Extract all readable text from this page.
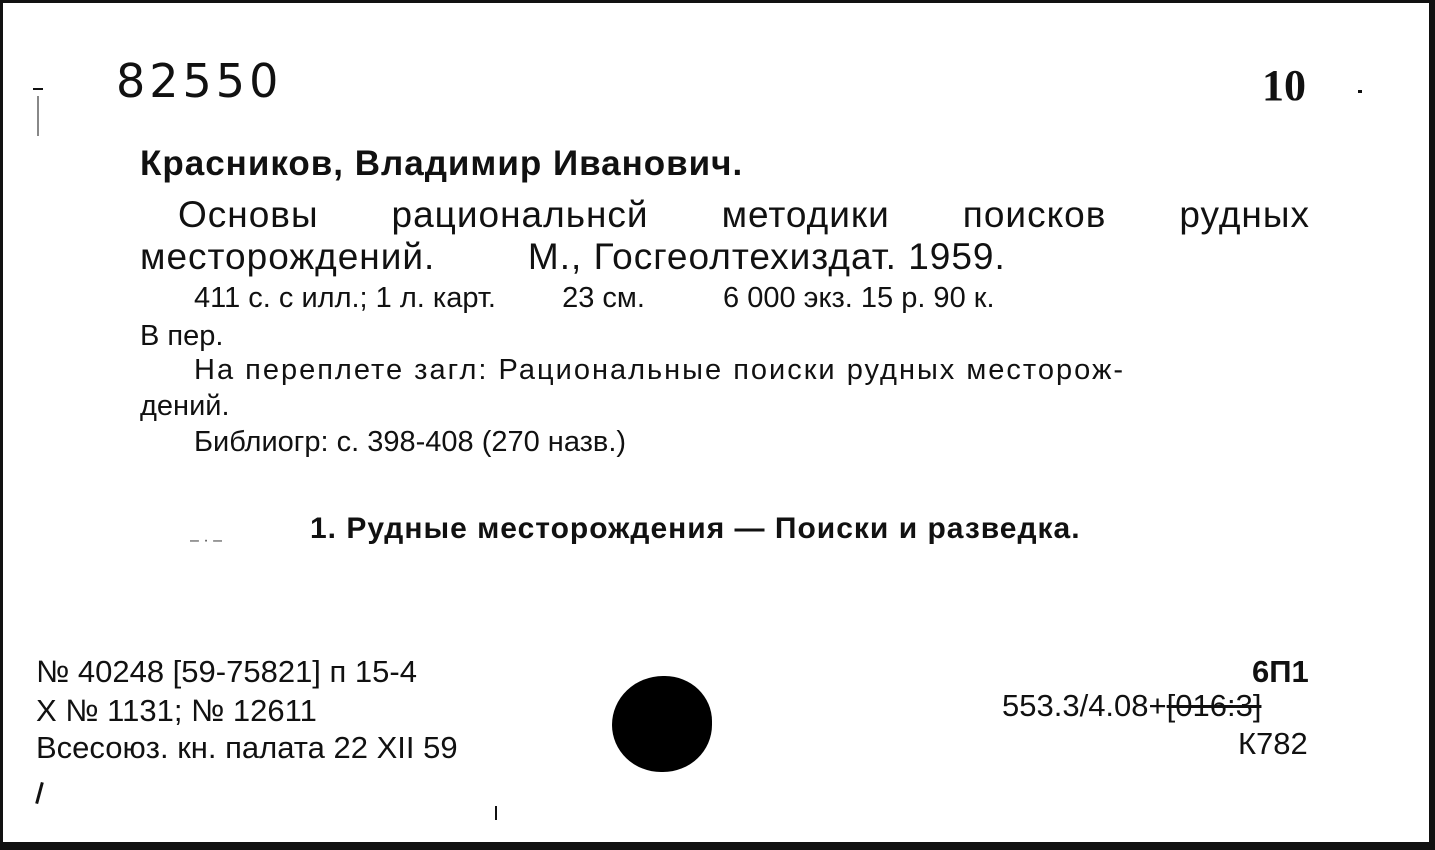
82550	10
Красников, Владимир Иванович.
Основы рациональнсй методики поисков рудных
месторождений.	М., Госгеолтехиздат. 1959.
411 с. с илл.; 1 л. карт. 23 см.	6 000 экз. 15 р. 90 к.
В пер.
На переплете загл: Рациональные поиски рудных месторож-
дений.
Библиогр: с. 398-408 (270 назв.)
– · –	1. Рудные месторождения — Поиски и разведка.
№ 40248 [59-75821] п 15-4
Х № 1131; № 12611
Всесоюз. кн. палата 22 XII 59
6П1
553.3/4.08+[016:3]
К782
